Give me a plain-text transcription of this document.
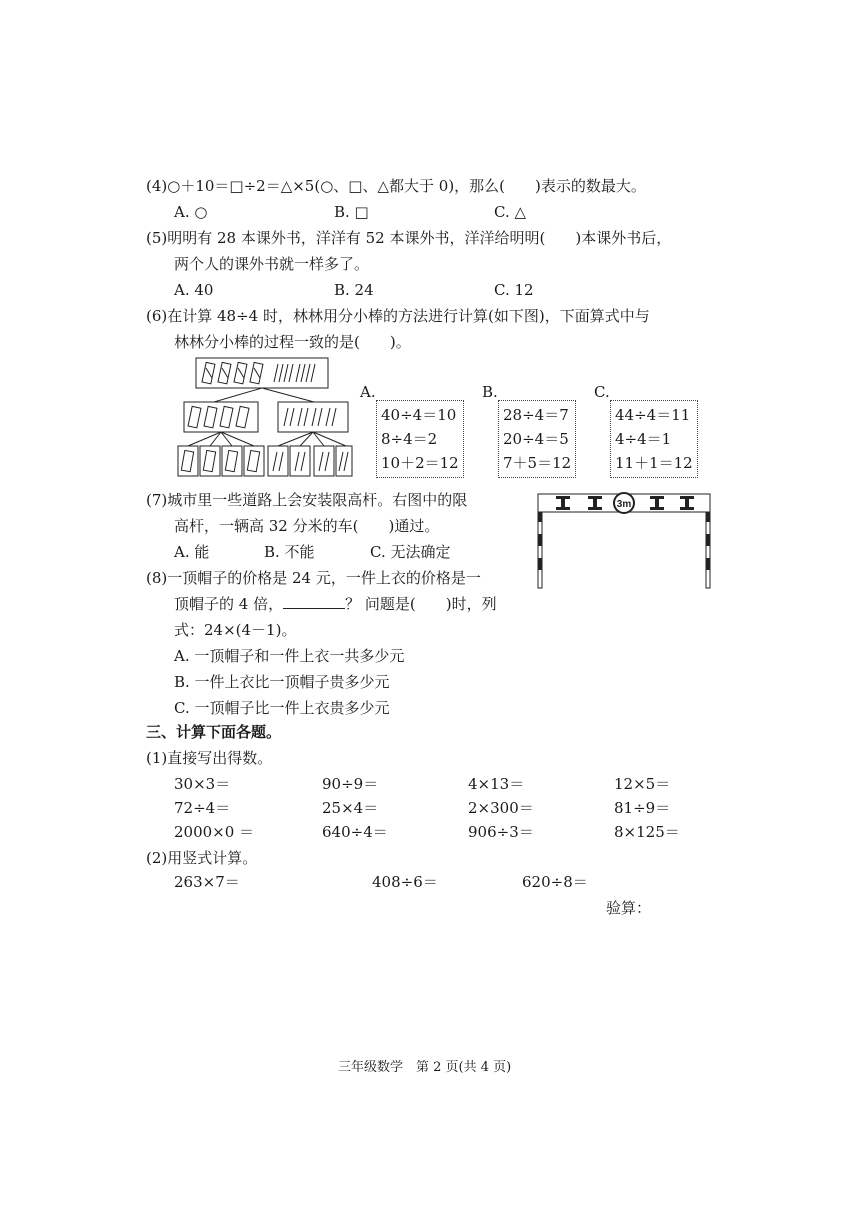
(4)○＋10＝□÷2＝△×5(○、□、△都大于 0)，那么(　　)表示的数最大。
A. ○	B. □	C. △
(5)明明有 28 本课外书，洋洋有 52 本课外书，洋洋给明明(　　)本课外书后，
两个人的课外书就一样多了。
A. 40	B. 24	C. 12
(6)在计算 48÷4 时，林林用分小棒的方法进行计算(如下图)，下面算式中与
林林分小棒的过程一致的是(　　)。
A.	B.	C.
40÷4＝10
8÷4＝2
10＋2＝12
28÷4＝7
20÷4＝5
7＋5＝12
44÷4＝11
4÷4＝1
11＋1＝12
(7)城市里一些道路上会安装限高杆。右图中的限
高杆，一辆高 32 分米的车(　　)通过。
A. 能	B. 不能	C. 无法确定
3m
(8)一顶帽子的价格是 24 元，一件上衣的价格是一
顶帽子的 4 倍，	？ 问题是(　　)时，列
式：24×(4－1)。
A. 一顶帽子和一件上衣一共多少元
B. 一件上衣比一顶帽子贵多少元
C. 一顶帽子比一件上衣贵多少元
三、计算下面各题。
(1)直接写出得数。
30×3＝	90÷9＝	4×13＝	12×5＝
72÷4＝	25×4＝	2×300＝	81÷9＝
2000×0 ＝	640÷4＝	906÷3＝	8×125＝
(2)用竖式计算。
263×7＝	408÷6＝	620÷8＝
验算：
三年级数学　第 2 页(共 4 页)
